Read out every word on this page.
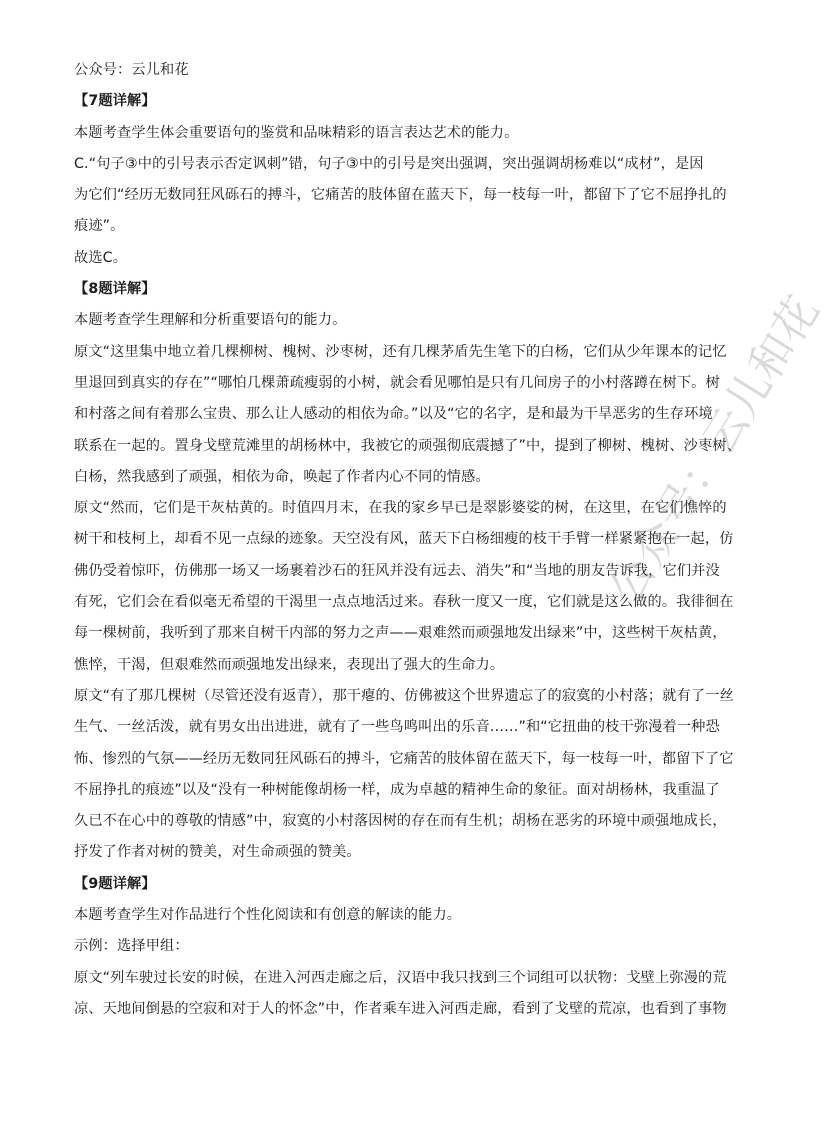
公众号：云儿和花
【7题详解】
本题考查学生体会重要语句的鉴赏和品味精彩的语言表达艺术的能力。
C.“句子③中的引号表示否定讽刺”错，句子③中的引号是突出强调，突出强调胡杨难以“成材”，是因
为它们“经历无数同狂风砾石的搏斗，它痛苦的肢体留在蓝天下，每一枝每一叶，都留下了它不屈挣扎的
痕迹”。
故选C。
【8题详解】
本题考查学生理解和分析重要语句的能力。
原文“这里集中地立着几棵柳树、槐树、沙枣树，还有几棵茅盾先生笔下的白杨，它们从少年课本的记忆
里退回到真实的存在”“哪怕几棵萧疏瘦弱的小树，就会看见哪怕是只有几间房子的小村落蹲在树下。树
和村落之间有着那么宝贵、那么让人感动的相依为命。”以及“它的名字，是和最为干旱恶劣的生存环境
联系在一起的。置身戈壁荒滩里的胡杨林中，我被它的顽强彻底震撼了”中，提到了柳树、槐树、沙枣树、
白杨，然我感到了顽强，相依为命，唤起了作者内心不同的情感。
原文“然而，它们是干灰枯黄的。时值四月末，在我的家乡早已是翠影婆娑的树，在这里，在它们憔悴的
树干和枝柯上，却看不见一点绿的迹象。天空没有风，蓝天下白杨细瘦的枝干手臂一样紧紧抱在一起，仿
佛仍受着惊吓，仿佛那一场又一场裹着沙石的狂风并没有远去、消失”和“当地的朋友告诉我，它们并没
有死，它们会在看似毫无希望的干渴里一点点地活过来。春秋一度又一度，它们就是这么做的。我徘徊在
每一棵树前，我听到了那来自树干内部的努力之声——艰难然而顽强地发出绿来”中，这些树干灰枯黄，
憔悴，干渴，但艰难然而顽强地发出绿来，表现出了强大的生命力。
原文“有了那几棵树（尽管还没有返青），那干瘪的、仿佛被这个世界遗忘了的寂寞的小村落；就有了一丝
生气、一丝活泼，就有男女出出进进，就有了一些鸟鸣叫出的乐音……”和“它扭曲的枝干弥漫着一种恐
怖、惨烈的气氛——经历无数同狂风砾石的搏斗，它痛苦的肢体留在蓝天下，每一枝每一叶，都留下了它
不屈挣扎的痕迹”以及“没有一种树能像胡杨一样，成为卓越的精神生命的象征。面对胡杨林，我重温了
久已不在心中的尊敬的情感”中，寂寞的小村落因树的存在而有生机；胡杨在恶劣的环境中顽强地成长，
抒发了作者对树的赞美，对生命顽强的赞美。
【9题详解】
本题考查学生对作品进行个性化阅读和有创意的解读的能力。
示例：选择甲组：
原文“列车驶过长安的时候，在进入河西走廊之后，汉语中我只找到三个词组可以状物：戈壁上弥漫的荒
凉、天地间倒悬的空寂和对于人的怀念”中，作者乘车进入河西走廊，看到了戈壁的荒凉，也看到了事物
公众号：云儿和花
